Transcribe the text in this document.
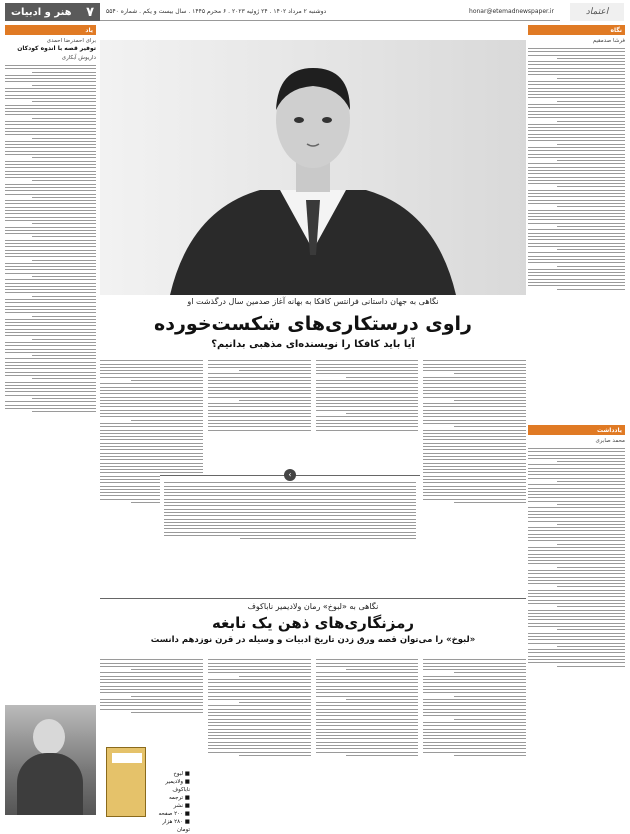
۷
هنر و ادبیات	honar@etemadnewspaper.ir
دوشنبه ۲ مرداد ۱۴۰۲ . ۲۴ ژوئیه ۲۰۲۳ . ۶ محرم ۱۴۴۵ . سال بیست و یکم . شماره ۵۵۴۰	اعتماد
یاد
برای احمدرضا احمدی
توفیر قصه با اندوه کودکان
داریوش آبکاری
نگاه
فرشا صدمقیم
یادداشت
محمد صابری
نگاهی به جهان داستانی فرانتس کافکا به بهانه آغاز صدمین سال درگذشت او
راوی درستکاری‌های شکست‌خورده
آیا باید کافکا را نویسنده‌ای مذهبی بدانیم؟
›
نگاهی به «لبوخ» رمان ولادیمیر ناباکوف
رمزنگاری‌های ذهن یک نابغه
«لبوخ» را می‌توان قصه ورق زدن تاریخ ادبیات و وسیله در قرن نوزدهم دانست
■ لبوخ
■ ولادیمیر ناباکوف
■ ترجمه
■ نشر
■ ۲۰۰ صفحه
■ ۲۸۰ هزار تومان
